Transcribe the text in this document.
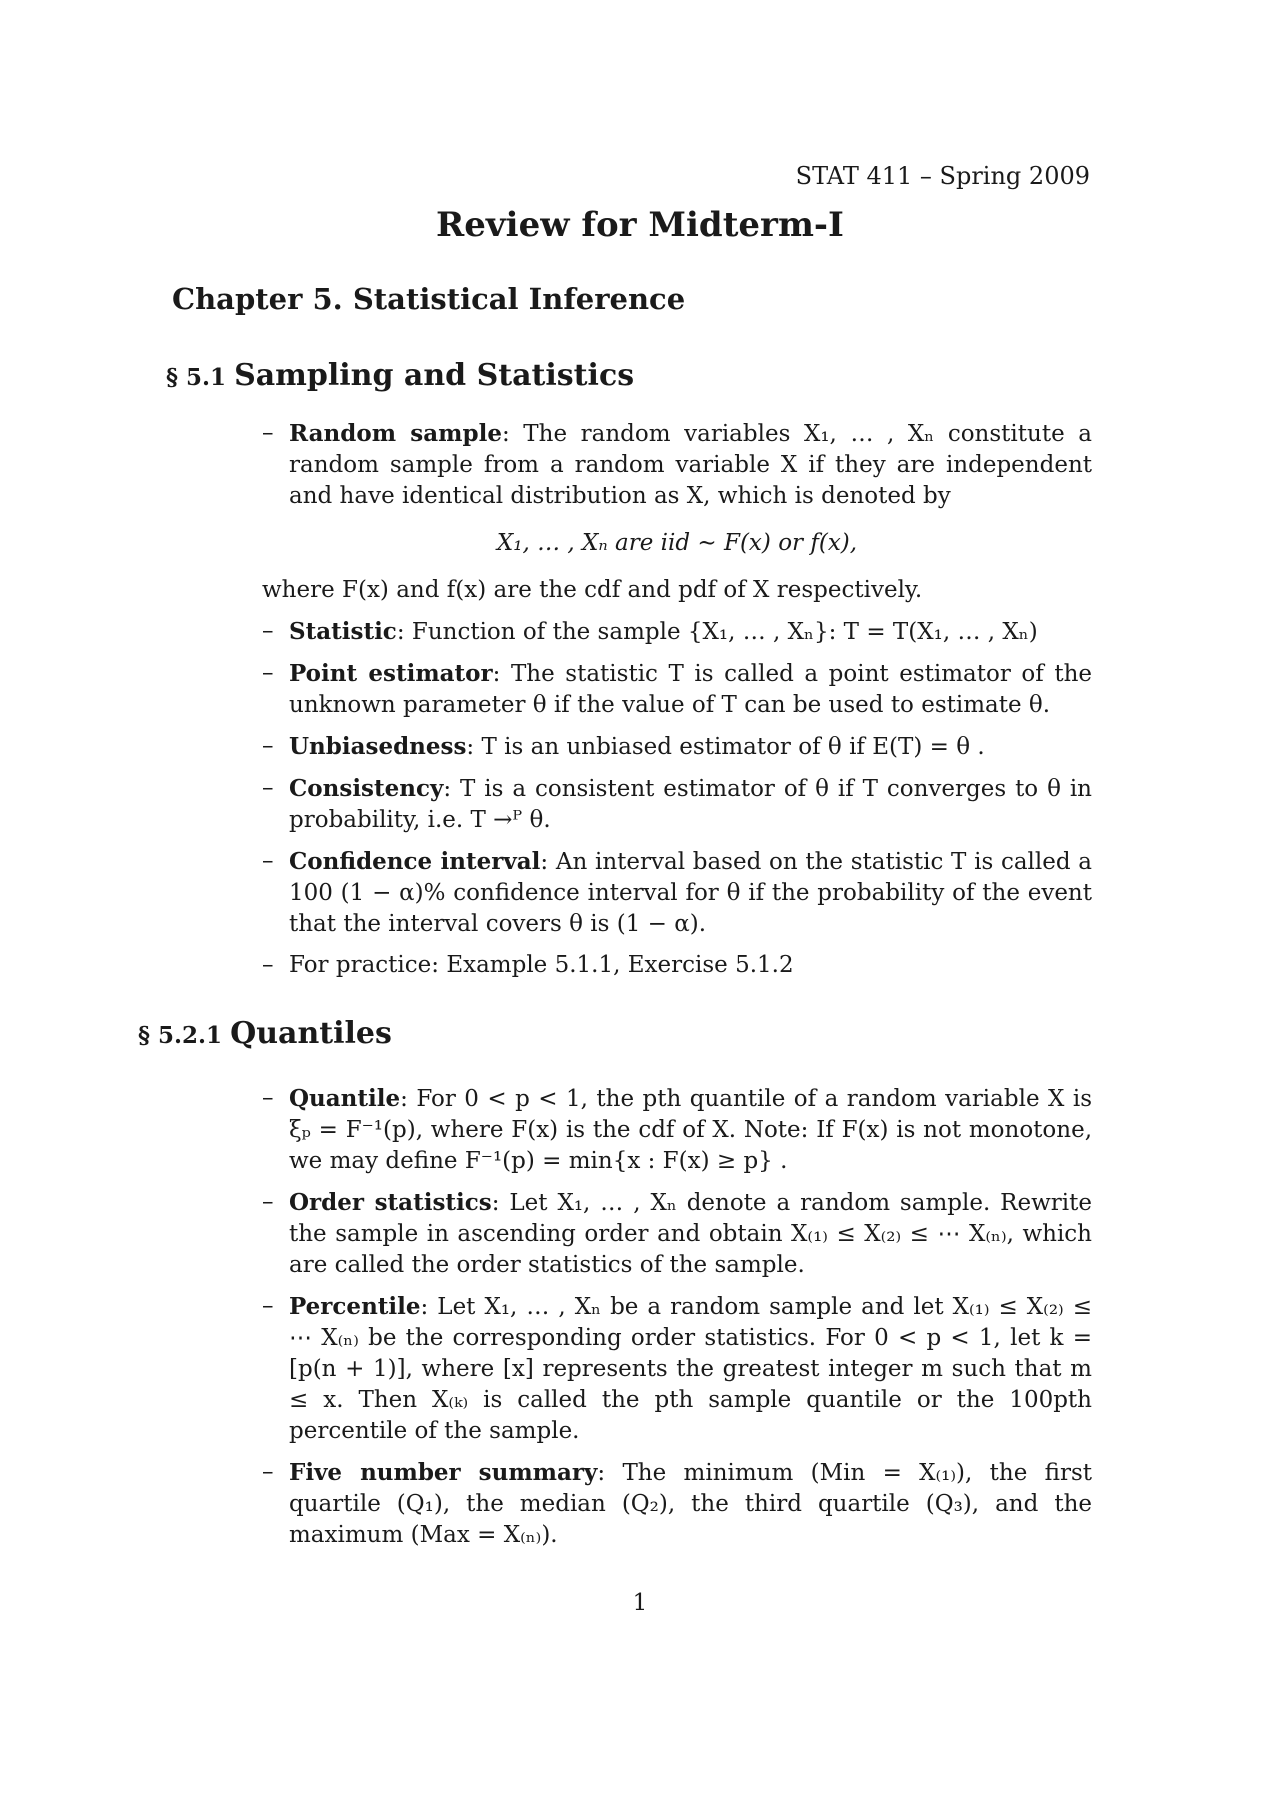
STAT 411 – Spring 2009
Review for Midterm-I
Chapter 5. Statistical Inference
§ 5.1 Sampling and Statistics
– Random sample: The random variables X₁, … , Xₙ constitute a random sample from a random variable X if they are independent and have identical distribution as X, which is denoted by
X₁, … , Xₙ are iid ∼ F(x) or f(x),
where F(x) and f(x) are the cdf and pdf of X respectively.
– Statistic: Function of the sample {X₁, … , Xₙ}: T = T(X₁, … , Xₙ)
– Point estimator: The statistic T is called a point estimator of the unknown parameter θ if the value of T can be used to estimate θ.
– Unbiasedness: T is an unbiased estimator of θ if E(T) = θ .
– Consistency: T is a consistent estimator of θ if T converges to θ in probability, i.e. T →ᴾ θ.
– Confidence interval: An interval based on the statistic T is called a 100 (1 − α)% confidence interval for θ if the probability of the event that the interval covers θ is (1 − α).
– For practice: Example 5.1.1, Exercise 5.1.2
§ 5.2.1 Quantiles
– Quantile: For 0 < p < 1, the pth quantile of a random variable X is ξₚ = F⁻¹(p), where F(x) is the cdf of X. Note: If F(x) is not monotone, we may define F⁻¹(p) = min{x : F(x) ≥ p} .
– Order statistics: Let X₁, … , Xₙ denote a random sample. Rewrite the sample in ascending order and obtain X₍₁₎ ≤ X₍₂₎ ≤ ⋯ X₍ₙ₎, which are called the order statistics of the sample.
– Percentile: Let X₁, … , Xₙ be a random sample and let X₍₁₎ ≤ X₍₂₎ ≤ ⋯ X₍ₙ₎ be the corresponding order statistics. For 0 < p < 1, let k = [p(n + 1)], where [x] represents the greatest integer m such that m ≤ x. Then X₍ₖ₎ is called the pth sample quantile or the 100pth percentile of the sample.
– Five number summary: The minimum (Min = X₍₁₎), the first quartile (Q₁), the median (Q₂), the third quartile (Q₃), and the maximum (Max = X₍ₙ₎).
1
